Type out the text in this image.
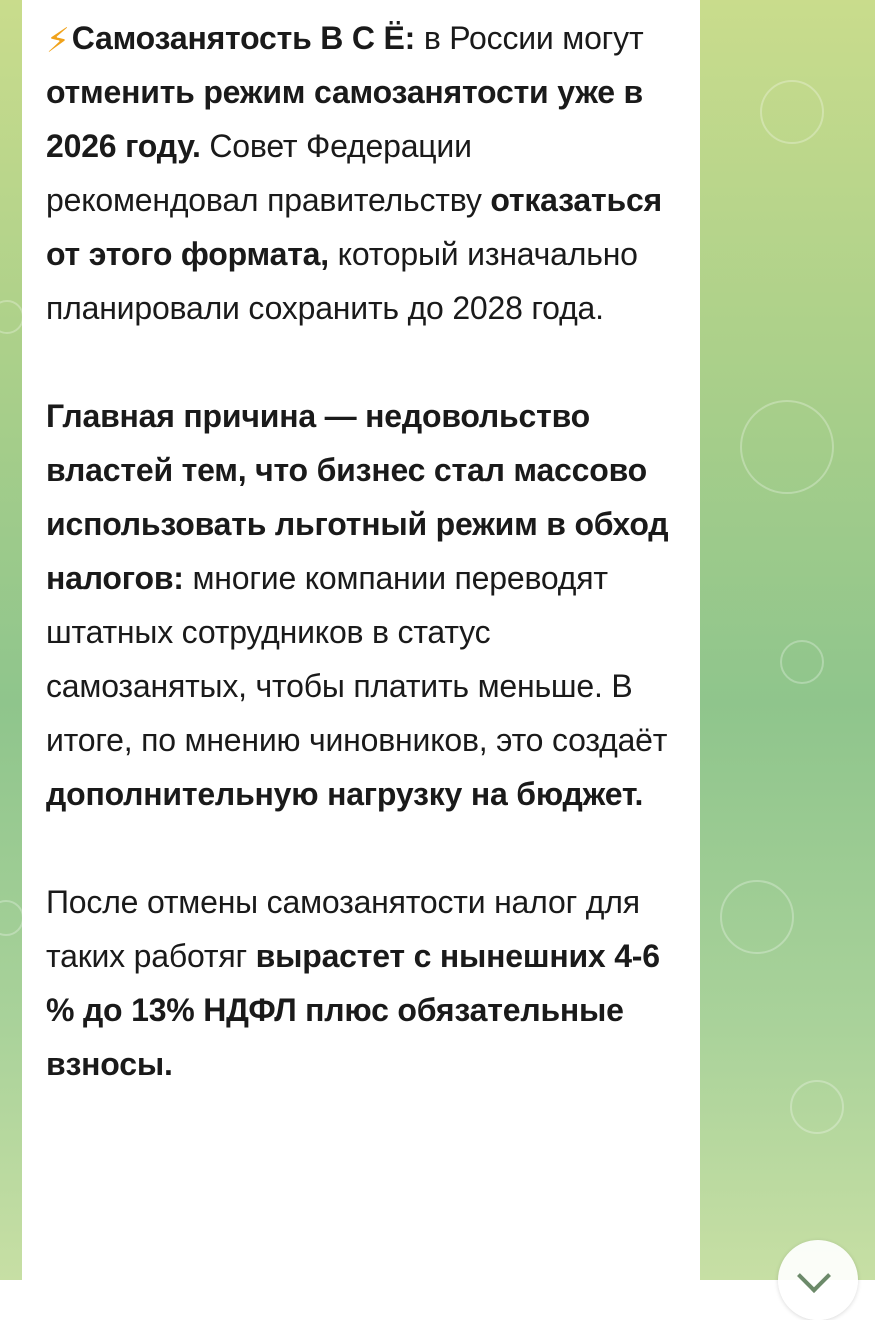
⚡︎Самозанятость В С Ё: в России могут отменить режим самозанятости уже в 2026 году. Совет Федерации рекомендовал правительству отказаться от этого формата, который изначально планировали сохранить до 2028 года.

Главная причина — недовольство властей тем, что бизнес стал массово использовать льготный режим в обход налогов: многие компании переводят штатных сотрудников в статус самозанятых, чтобы платить меньше. В итоге, по мнению чиновников, это создаёт дополнительную нагрузку на бюджет.

После отмены самозанятости налог для таких работяг вырастет с нынешних 4-6 % до 13% НДФЛ плюс обязательные взносы.
